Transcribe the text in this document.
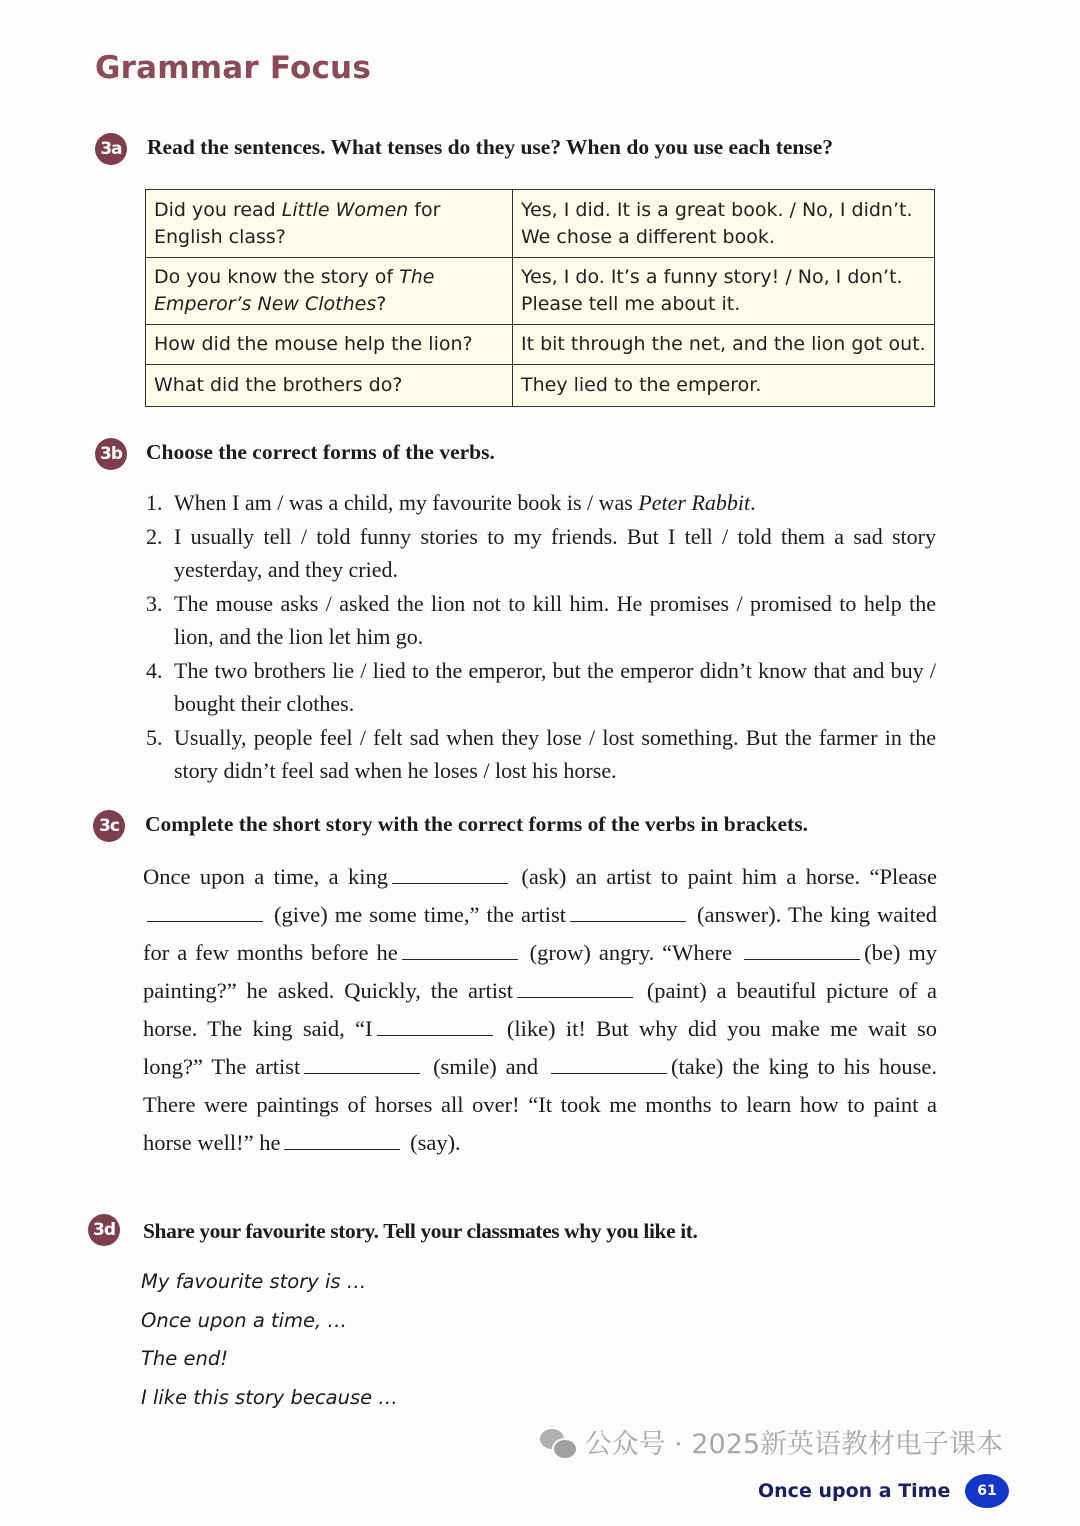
Grammar Focus
3a Read the sentences. What tenses do they use? When do you use each tense?
Did you read Little Women for English class?	Yes, I did. It is a great book. / No, I didn’t. We chose a different book.
Do you know the story of The Emperor’s New Clothes?	Yes, I do. It’s a funny story! / No, I don’t. Please tell me about it.
How did the mouse help the lion?	It bit through the net, and the lion got out.
What did the brothers do?	They lied to the emperor.
3b Choose the correct forms of the verbs.
1. When I am / was a child, my favourite book is / was Peter Rabbit.
2. I usually tell / told funny stories to my friends. But I tell / told them a sad story yesterday, and they cried.
3. The mouse asks / asked the lion not to kill him. He promises / promised to help the lion, and the lion let him go.
4. The two brothers lie / lied to the emperor, but the emperor didn’t know that and buy / bought their clothes.
5. Usually, people feel / felt sad when they lose / lost something. But the farmer in the story didn’t feel sad when he loses / lost his horse.
3c Complete the short story with the correct forms of the verbs in brackets.
Once upon a time, a king	(ask) an artist to paint him a horse. “Please (give) me some time,” the artist	(answer). The king waited for a few months before he	(grow) angry. “Where	(be) my painting?” he asked. Quickly, the artist	(paint) a beautiful picture of a horse. The king said, “I	(like) it! But why did you make me wait so long?” The artist	(smile) and	(take) the king to his house. There were paintings of horses all over! “It took me months to learn how to paint a horse well!” he	(say).
3d Share your favourite story. Tell your classmates why you like it.
My favourite story is …
Once upon a time, …
The end!
I like this story because …
公众号 · 2025新英语教材电子课本
Once upon a Time	61
